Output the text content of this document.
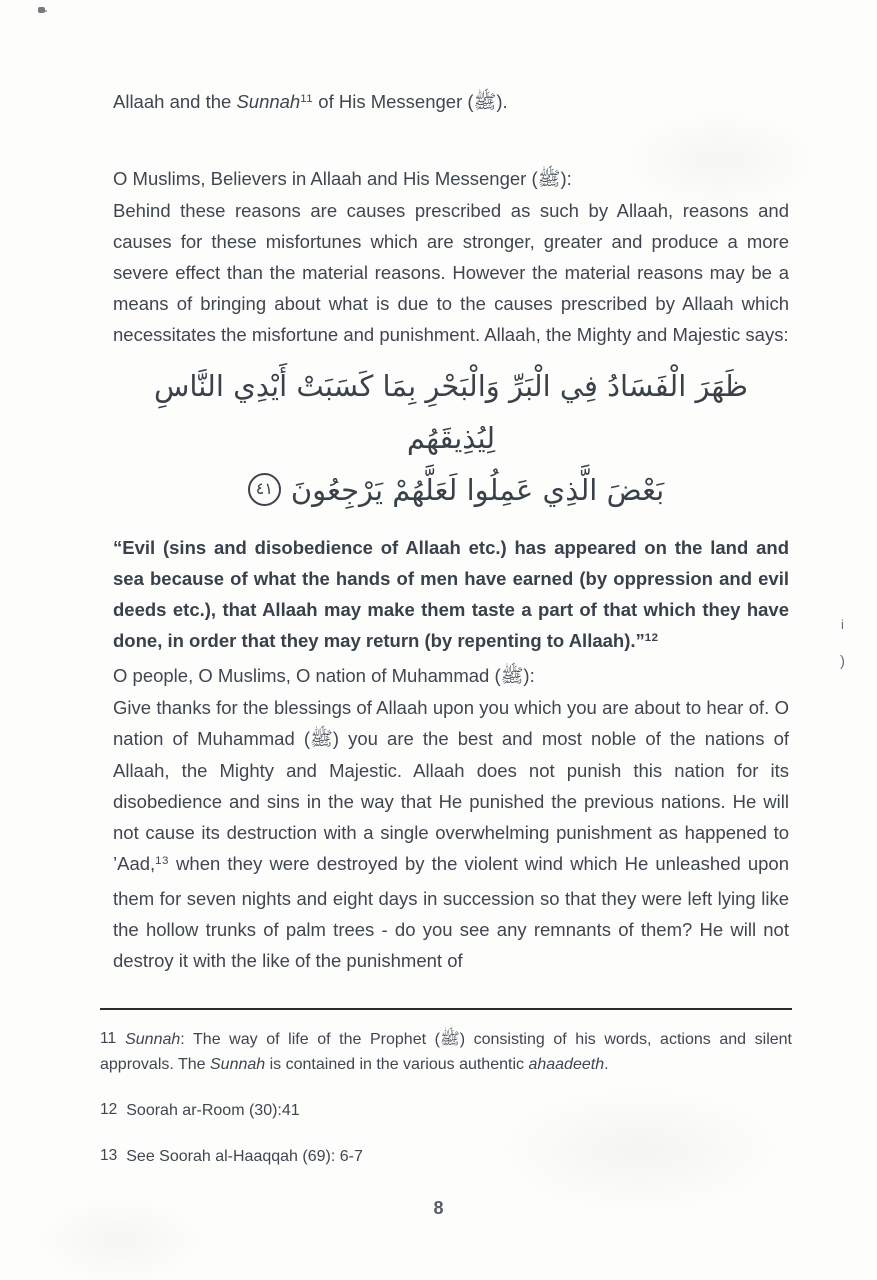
Allaah and the Sunnah$^{11}$ of His Messenger (ﷺ).

O Muslims, Believers in Allaah and His Messenger (ﷺ):
Behind these reasons are causes prescribed as such by Allaah, reasons and causes for these misfortunes which are stronger, greater and produce a more severe effect than the material reasons. However the material reasons may be a means of bringing about what is due to the causes prescribed by Allaah which necessitates the misfortune and punishment. Allaah, the Mighty and Majestic says:

ظَهَرَ الْفَسَادُ فِي الْبَرِّ وَالْبَحْرِ بِمَا كَسَبَتْ أَيْدِي النَّاسِ لِيُذِيقَهُم
بَعْضَ الَّذِي عَمِلُوا لَعَلَّهُمْ يَرْجِعُونَ٤١

“Evil (sins and disobedience of Allaah etc.) has appeared on the land and sea because of what the hands of men have earned (by oppression and evil deeds etc.), that Allaah may make them taste a part of that which they have done, in order that they may return (by repenting to Allaah).”$^{12}$

O people, O Muslims, O nation of Muhammad (ﷺ):
Give thanks for the blessings of Allaah upon you which you are about to hear of. O nation of Muhammad (ﷺ) you are the best and most noble of the nations of Allaah, the Mighty and Majestic. Allaah does not punish this nation for its disobedience and sins in the way that He punished the previous nations. He will not cause its destruction with a single overwhelming punishment as happened to ’Aad,$^{13}$ when they were destroyed by the violent wind which He unleashed upon them for seven nights and eight days in succession so that they were left lying like the hollow trunks of palm trees - do you see any remnants of them? He will not destroy it with the like of the punishment of

11 Sunnah: The way of life of the Prophet (ﷺ) consisting of his words, actions and silent approvals. The Sunnah is contained in the various authentic ahaadeeth.

12 Soorah ar-Room (30):41

13 See Soorah al-Haaqqah (69): 6-7

8
i
)
